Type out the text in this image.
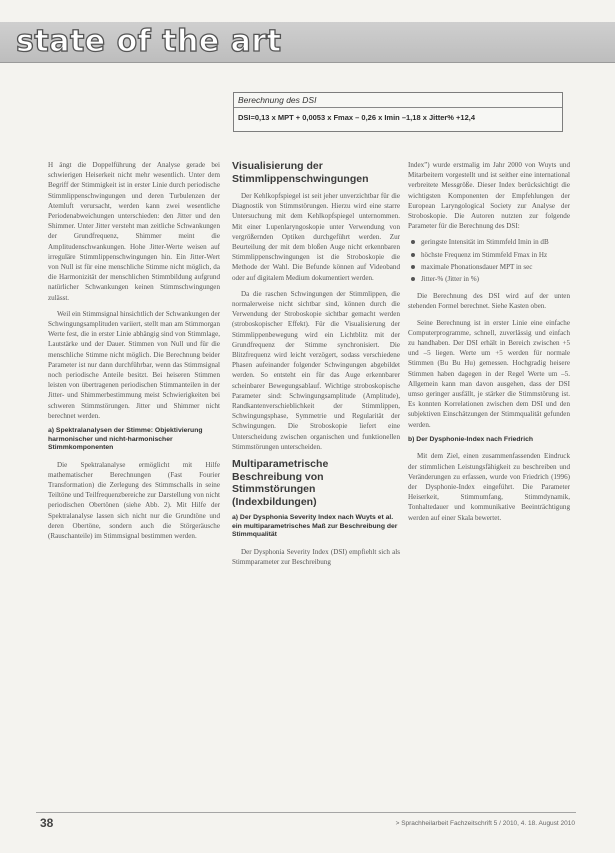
state of the art
Berechnung des DSI
DSI=0,13 x MPT + 0,0053 x Fmax – 0,26 x Imin –1,18 x Jitter% +12,4

H ängt die Doppelführung der Analyse gerade bei schwierigen Heiserkeit nicht mehr wesentlich. Unter dem Begriff der Stimmigkeit ist in erster Linie durch periodische Stimmlippenschwingungen und deren Turbulenzen der Atemluft verursacht, werden kann zwei wesentliche Periodenabweichungen unterschieden: den Jitter und den Shimmer. Unter Jitter versteht man zeitliche Schwankungen der Grundfrequenz, Shimmer meint die Amplitudenschwankungen. Hohe Jitter-Werte weisen auf irreguläre Stimmlippenschwingungen hin. Ein Jitter-Wert von Null ist für eine menschliche Stimme nicht möglich, da die Harmonizität der menschlichen Stimmbildung aufgrund natürlicher Schwankungen keinen Stimmschwingungen zulässt.

Weil ein Stimmsignal hinsichtlich der Schwankungen der Schwingungsamplituden variiert, stellt man am Stimmorgan Werte fest, die in erster Linie abhängig sind von Stimmlage, Lautstärke und der Dauer. Stimmen von Null und für die menschliche Stimme nicht möglich. Die Berechnung beider Parameter ist nur dann durchführbar, wenn das Stimmsignal noch periodische Anteile besitzt. Bei heiseren Stimmen leisten von übertragenen periodischen Stimmanteilen in der Jitter- und Shimmerbestimmung meist Schwierigkeiten bei schweren Stimmstörungen. Jitter und Shimmer nicht berechnet werden.

a) Spektralanalysen der Stimme: Objektivierung harmonischer und nicht-harmonischer Stimmkomponenten

Die Spektralanalyse ermöglicht mit Hilfe mathematischer Berechnungen (Fast Fourier Transformation) die Zerlegung des Stimmschalls in seine Teiltöne und Teilfrequenzbereiche zur Darstellung von nicht periodischen Obertönen (siehe Abb. 2). Mit Hilfe der Spektralanalyse lassen sich nicht nur die Grundtöne und deren Obertöne, sondern auch die Störgeräusche (Rauschanteile) im Stimmsignal bestimmen werden.

Visualisierung der Stimmlippenschwingungen

Der Kehlkopfspiegel ist seit jeher unverzichtbar für die Diagnostik von Stimmstörungen. Hierzu wird eine starre Untersuchung mit dem Kehlkopfspiegel unternommen. Mit einer Lupenlaryngoskopie unter Verwendung von vergrößernden Optiken durchgeführt werden. Zur Beurteilung der mit dem bloßen Auge nicht erkennbaren Stimmlippenschwingungen ist die Stroboskopie die Methode der Wahl. Die Befunde können auf Videoband oder auf digitalem Medium dokumentiert werden.

Da die raschen Schwingungen der Stimmlippen, die normalerweise nicht sichtbar sind, können durch die Verwendung der Stroboskopie sichtbar gemacht werden (stroboskopischer Effekt). Für die Visualisierung der Stimmlippenbewegung wird ein Lichtblitz mit der Grundfrequenz der Stimme synchronisiert. Die Blitzfrequenz wird leicht verzögert, sodass verschiedene Phasen aufeinander folgender Schwingungen abgebildet werden. So entsteht ein für das Auge erkennbarer scheinbarer Bewegungsablauf. Wichtige stroboskopische Parameter sind: Schwingungsamplitude (Amplitude), Randkantenverschieblichkeit der Stimmlippen, Schwingungsphase, Symmetrie und Regularität der Schwingungen. Die Stroboskopie liefert eine Unterscheidung zwischen organischen und funktionellen Stimmstörungen unterscheiden.

Multiparametrische Beschreibung von Stimmstörungen (Indexbildungen)
a) Der Dysphonia Severity Index nach Wuyts et al. ein multiparametrisches Maß zur Beschreibung der Stimmqualität

Der Dysphonia Severity Index (DSI) empfiehlt sich als Stimmparameter zur Beschreibung

Index”) wurde erstmalig im Jahr 2000 von Wuyts und Mitarbeitern vorgestellt und ist seither eine international verbreitete Messgröße. Dieser Index berücksichtigt die wichtigsten Komponenten der Empfehlungen der European Laryngological Society zur Analyse der Stroboskopie. Die Autoren nutzten zur folgende Parameter für die Berechnung des DSI:

geringste Intensität im Stimmfeld Imin in dB
höchste Frequenz im Stimmfeld Fmax in Hz
maximale Phonationsdauer MPT in sec
Jitter-% (Jitter in %)

Die Berechnung des DSI wird auf der unten stehenden Formel berechnet. Siehe Kasten oben.

Seine Berechnung ist in erster Linie eine einfache Computerprogramme, schnell, zuverlässig und einfach zu handhaben. Der DSI erhält in Bereich zwischen +5 und –5 liegen. Werte um +5 werden für normale Stimmen (Bu Bu Hu) gemessen. Hochgradig heisere Stimmen haben dagegen in der Regel Werte um –5. Allgemein kann man davon ausgehen, dass der DSI umso geringer ausfällt, je stärker die Stimmstörung ist. Es konnten Korrelationen zwischen dem DSI und den subjektiven Einschätzungen der Stimmqualität gefunden werden.

b) Der Dysphonie-Index nach Friedrich

Mit dem Ziel, einen zusammenfassenden Eindruck der stimmlichen Leistungsfähigkeit zu beschreiben und Veränderungen zu erfassen, wurde von Friedrich (1996) der Dysphonie-Index eingeführt. Die Parameter Heiserkeit, Stimmumfang, Stimmdynamik, Tonhaltedauer und kommunikative Beeinträchtigung werden auf einer Skala bewertet.

38	> Sprachheilarbeit Fachzeitschrift 5 / 2010, 4. 18. August 2010
